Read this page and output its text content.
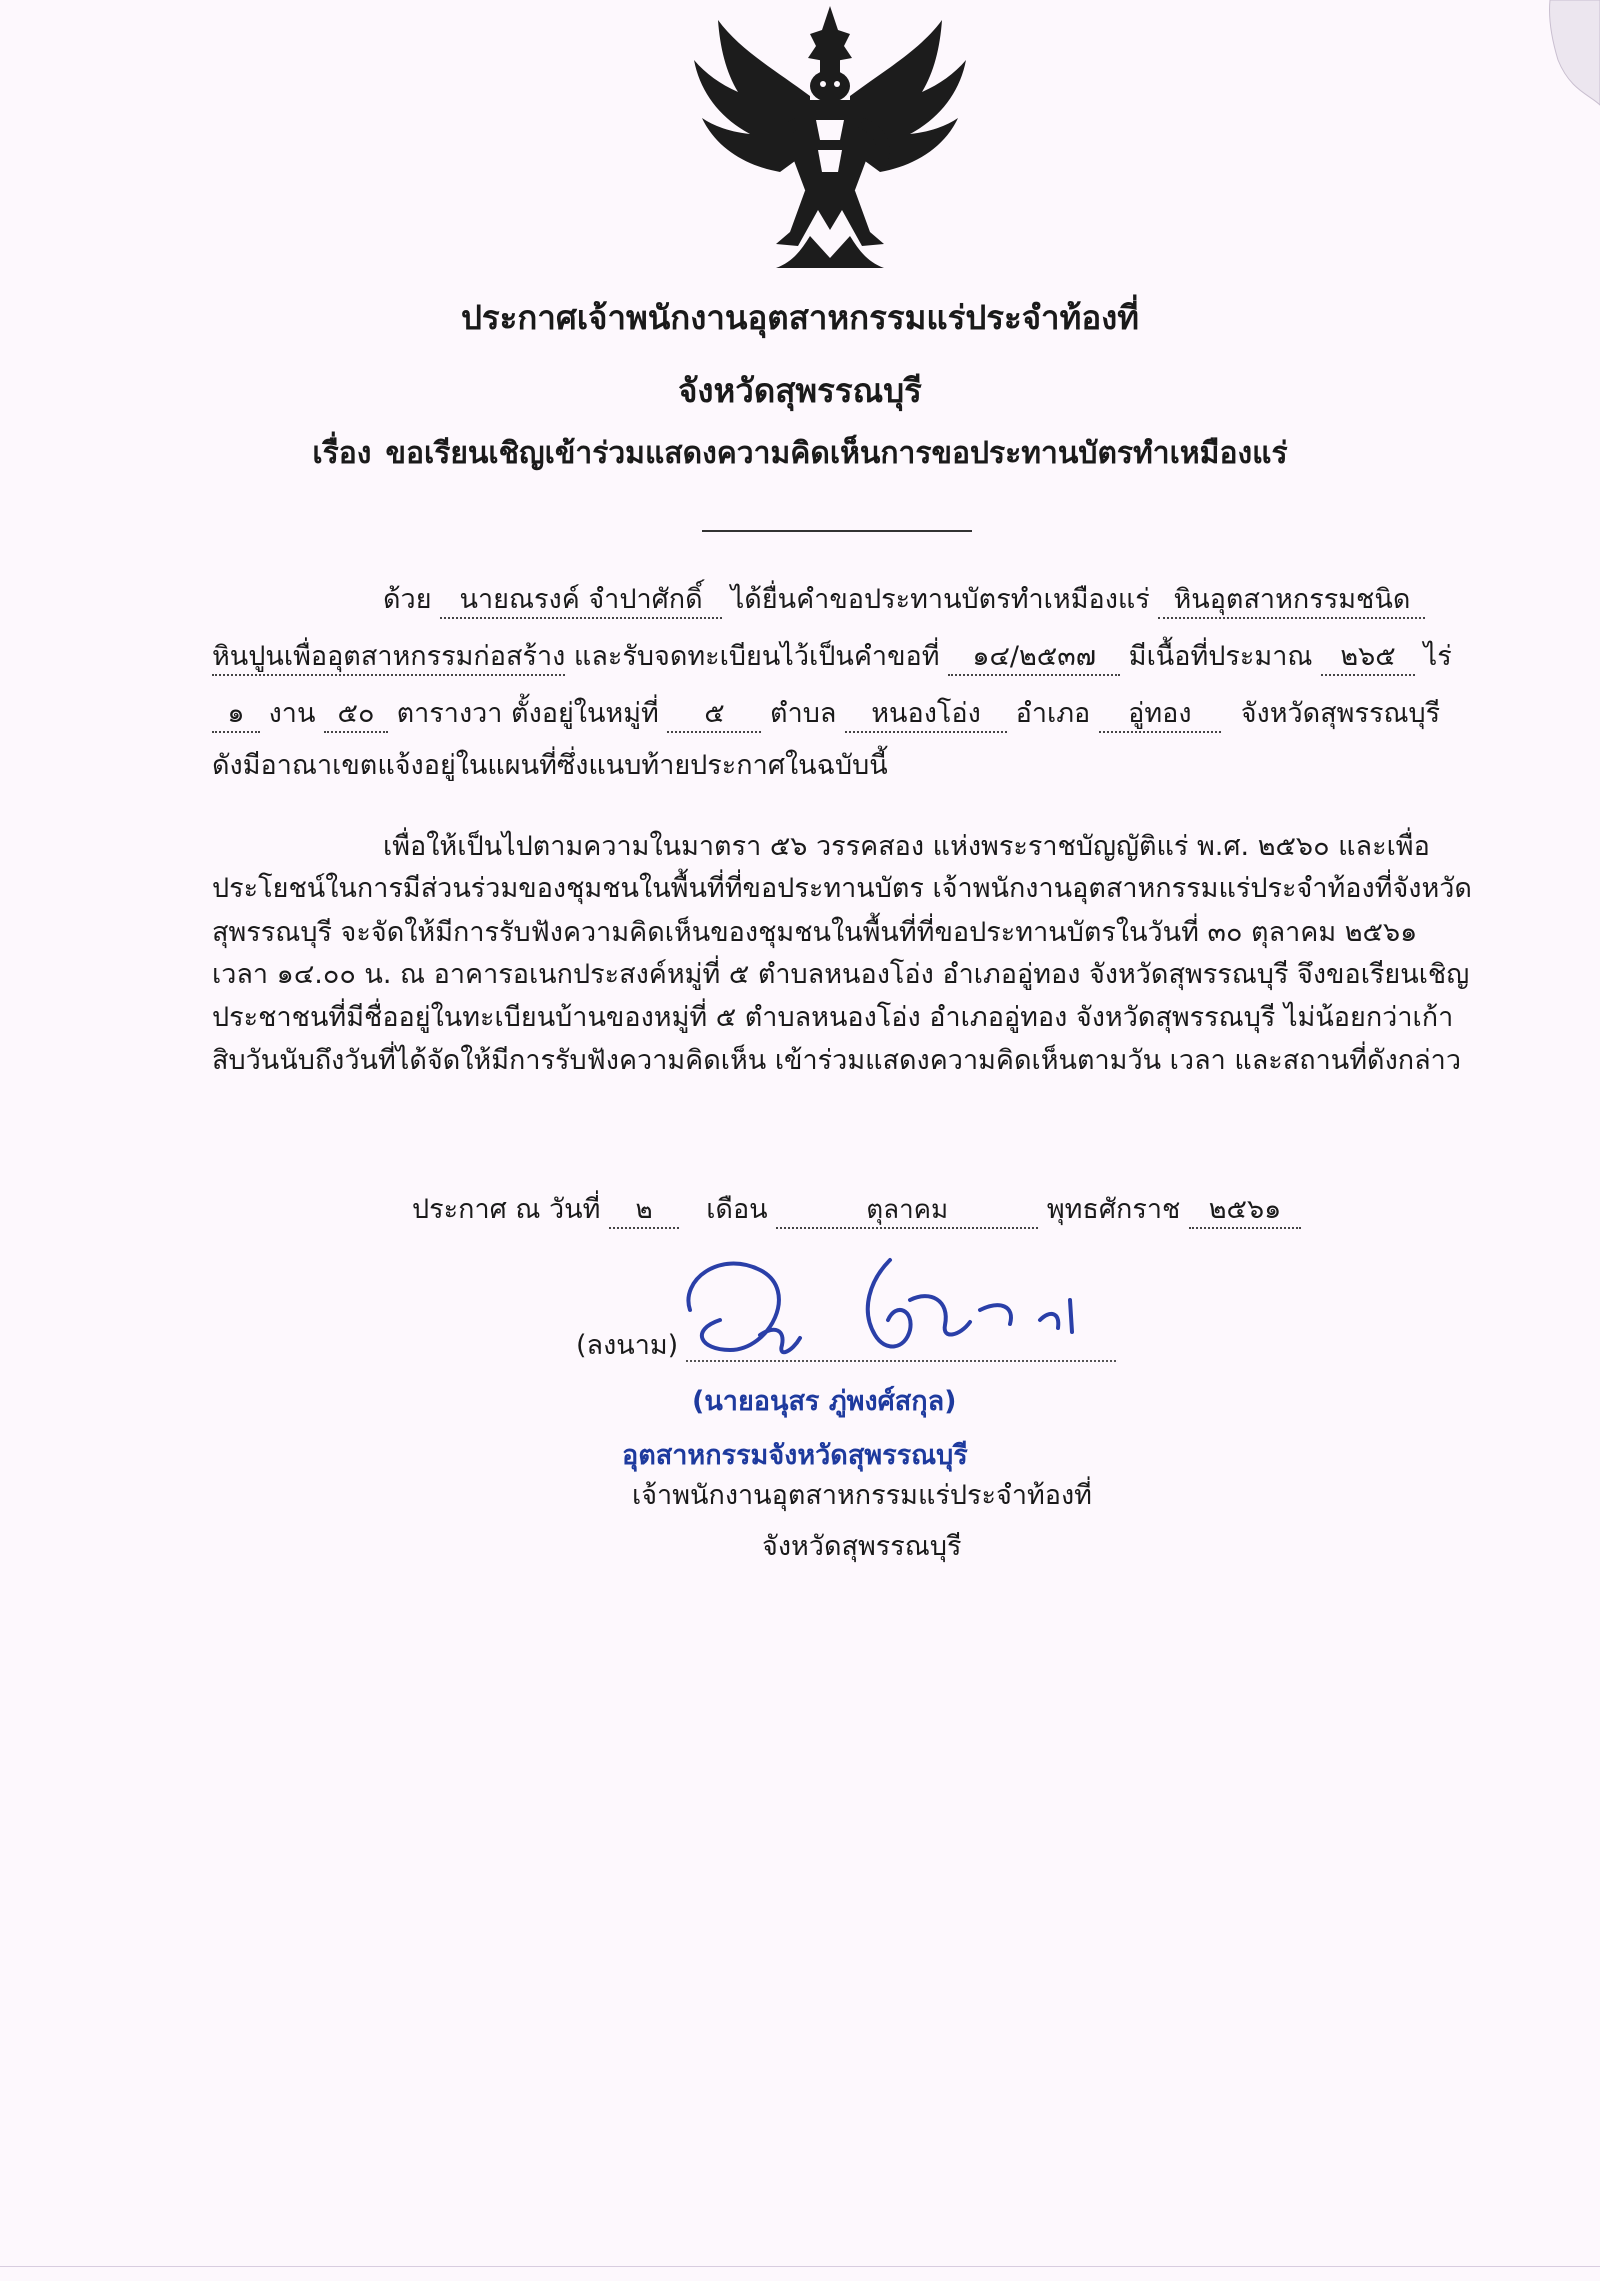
ประกาศเจ้าพนักงานอุตสาหกรรมแร่ประจำท้องที่
จังหวัดสุพรรณบุรี
เรื่อง ขอเรียนเชิญเข้าร่วมแสดงความคิดเห็นการขอประทานบัตรทำเหมืองแร่
ด้วย นายณรงค์ จำปาศักดิ์ ได้ยื่นคำขอประทานบัตรทำเหมืองแร่ หินอุตสาหกรรมชนิด
หินปูนเพื่ออุตสาหกรรมก่อสร้าง และรับจดทะเบียนไว้เป็นคำขอที่ ๑๔/๒๕๓๗ มีเนื้อที่ประมาณ ๒๖๕ ไร่
๑ งาน ๕๐ ตารางวา ตั้งอยู่ในหมู่ที่ ๕ ตำบล หนองโอ่ง อำเภอ อู่ทอง จังหวัดสุพรรณบุรี
ดังมีอาณาเขตแจ้งอยู่ในแผนที่ซึ่งแนบท้ายประกาศในฉบับนี้
เพื่อให้เป็นไปตามความในมาตรา ๕๖ วรรคสอง แห่งพระราชบัญญัติแร่ พ.ศ. ๒๕๖๐ และเพื่อ
ประโยชน์ในการมีส่วนร่วมของชุมชนในพื้นที่ที่ขอประทานบัตร เจ้าพนักงานอุตสาหกรรมแร่ประจำท้องที่จังหวัด
สุพรรณบุรี จะจัดให้มีการรับฟังความคิดเห็นของชุมชนในพื้นที่ที่ขอประทานบัตรในวันที่ ๓๐ ตุลาคม ๒๕๖๑
เวลา ๑๔.๐๐ น. ณ อาคารอเนกประสงค์หมู่ที่ ๕ ตำบลหนองโอ่ง อำเภออู่ทอง จังหวัดสุพรรณบุรี จึงขอเรียนเชิญ
ประชาชนที่มีชื่ออยู่ในทะเบียนบ้านของหมู่ที่ ๕ ตำบลหนองโอ่ง อำเภออู่ทอง จังหวัดสุพรรณบุรี ไม่น้อยกว่าเก้า
สิบวันนับถึงวันที่ได้จัดให้มีการรับฟังความคิดเห็น เข้าร่วมแสดงความคิดเห็นตามวัน เวลา และสถานที่ดังกล่าว
ประกาศ ณ วันที่ ๒ เดือน	ตุลาคม	พุทธศักราช ๒๕๖๑
(ลงนาม)
(นายอนุสร ภู่พงศ์สกุล)
อุตสาหกรรมจังหวัดสุพรรณบุรี
เจ้าพนักงานอุตสาหกรรมแร่ประจำท้องที่
จังหวัดสุพรรณบุรี
